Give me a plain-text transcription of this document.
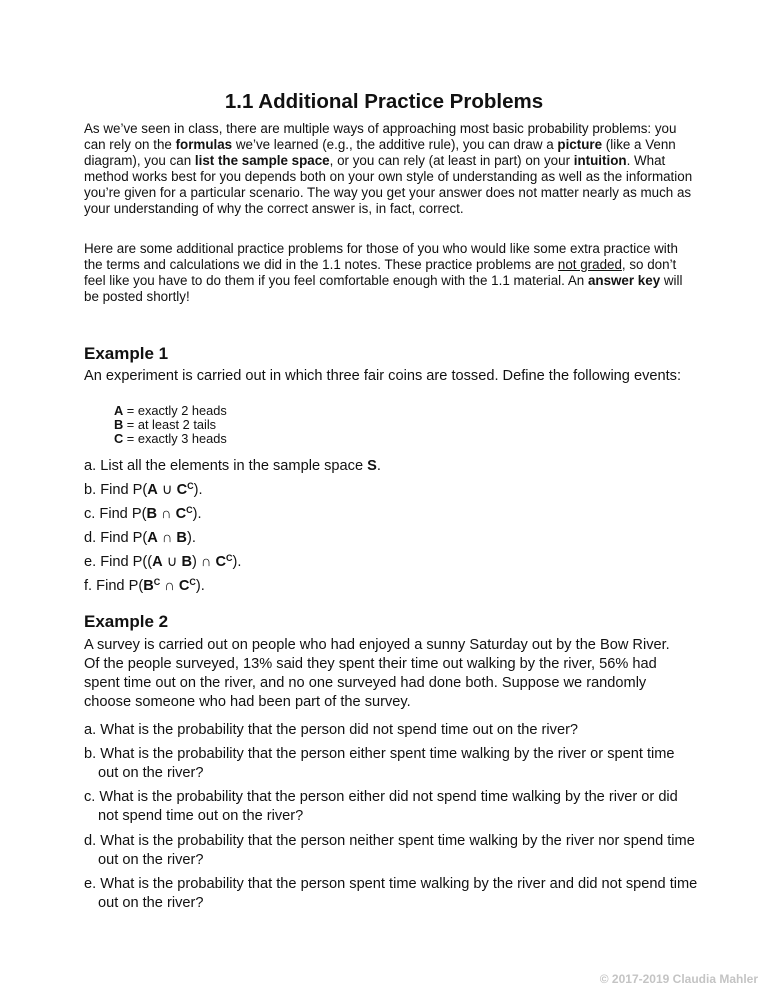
1.1 Additional Practice Problems

As we’ve seen in class, there are multiple ways of approaching most basic probability problems: you can rely on the formulas we’ve learned (e.g., the additive rule), you can draw a picture (like a Venn diagram), you can list the sample space, or you can rely (at least in part) on your intuition. What method works best for you depends both on your own style of understanding as well as the information you’re given for a particular scenario. The way you get your answer does not matter nearly as much as your understanding of why the correct answer is, in fact, correct.

Here are some additional practice problems for those of you who would like some extra practice with the terms and calculations we did in the 1.1 notes. These practice problems are not graded, so don’t feel like you have to do them if you feel comfortable enough with the 1.1 material. An answer key will be posted shortly!

Example 1

An experiment is carried out in which three fair coins are tossed. Define the following events:

A = exactly 2 heads
B = at least 2 tails
C = exactly 3 heads

a. List all the elements in the sample space S.

b. Find P(A ∪ $C^C$).

c. Find P(B ∩ $C^C$).

d. Find P(A ∩ B).

e. Find P((A ∪ B) ∩ $C^C$).

f. Find $P(B^C$ ∩ $C^C$).

Example 2

A survey is carried out on people who had enjoyed a sunny Saturday out by the Bow River. Of the people surveyed, 13% said they spent their time out walking by the river, 56% had spent time out on the river, and no one surveyed had done both. Suppose we randomly choose someone who had been part of the survey.

a. What is the probability that the person did not spend time out on the river?

b. What is the probability that the person either spent time walking by the river or spent time out on the river?

c. What is the probability that the person either did not spend time walking by the river or did not spend time out on the river?

d. What is the probability that the person neither spent time walking by the river nor spend time out on the river?

e. What is the probability that the person spent time walking by the river and did not spend time out on the river?

© 2017-2019 Claudia Mahler
